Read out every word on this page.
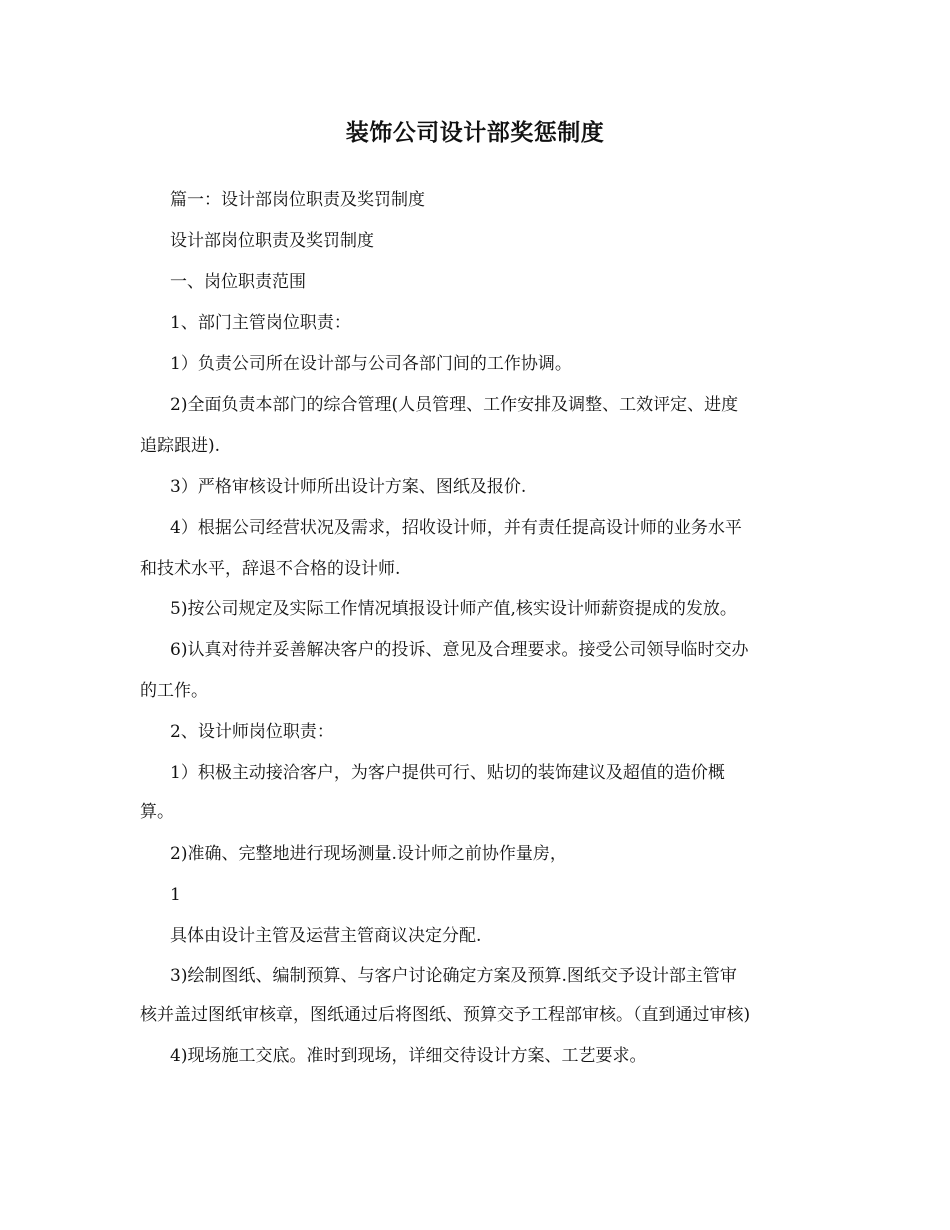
装饰公司设计部奖惩制度
篇一：设计部岗位职责及奖罚制度
设计部岗位职责及奖罚制度
一、岗位职责范围
1、部门主管岗位职责：
1）负责公司所在设计部与公司各部门间的工作协调。
2)全面负责本部门的综合管理(人员管理、工作安排及调整、工效评定、进度
追踪跟进).
3）严格审核设计师所出设计方案、图纸及报价.
4）根据公司经营状况及需求，招收设计师，并有责任提高设计师的业务水平
和技术水平，辞退不合格的设计师.
5)按公司规定及实际工作情况填报设计师产值,核实设计师薪资提成的发放。
6)认真对待并妥善解决客户的投诉、意见及合理要求。接受公司领导临时交办
的工作。
2、设计师岗位职责：
1）积极主动接洽客户，为客户提供可行、贴切的装饰建议及超值的造价概
算。
2)准确、完整地进行现场测量.设计师之前协作量房，
1
具体由设计主管及运营主管商议决定分配.
3)绘制图纸、编制预算、与客户讨论确定方案及预算.图纸交予设计部主管审
核并盖过图纸审核章，图纸通过后将图纸、预算交予工程部审核。（直到通过审核)
4)现场施工交底。准时到现场，详细交待设计方案、工艺要求。
